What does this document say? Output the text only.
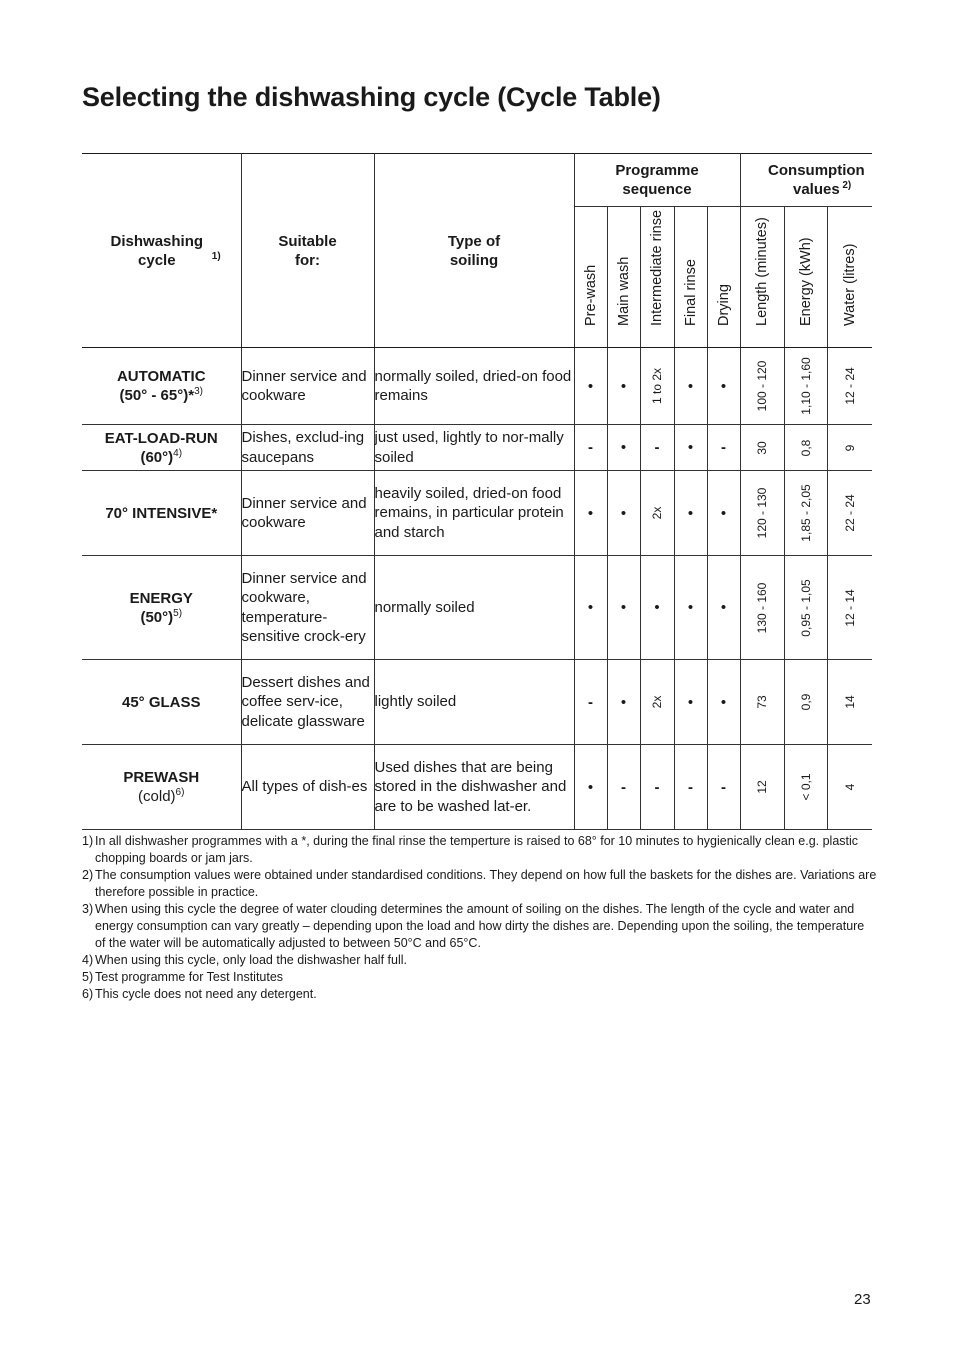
Selecting the dishwashing cycle (Cycle Table)
Dishwashing cycle $^{1)}$	Suitable for:	Type of soiling	Programme sequence					Consumption values $^{2)}$

			Pre-wash	Main wash	Intermediate rinse	Final rinse	Drying	Length (minutes)	Energy (kWh)	Water (litres)

AUTOMATIC
(50° - 65°)*$^{3)}$	Dinner service and cookware	normally soiled, dried-on food remains	•	•	1 to 2x	•	•	100 - 120	1,10 - 1,60	12 - 24

EAT-LOAD-RUN
$(60^\circ)^{4)}$	Dishes, exclud-ing saucepans	just used, lightly to nor-mally soiled	-	•	-	•	-	30	0,8	9

70° INTENSIVE*	Dinner service and cookware	heavily soiled, dried-on food remains, in particular protein and starch	•	•	2x	•	•	120 - 130	1,85 - 2,05	22 - 24

ENERGY
$(50^\circ)^{5)}$	Dinner service and cookware, temperature-sensitive crock-ery	normally soiled	•	•	•	•	•	130 - 160	0,95 - 1,05	12 - 14

45° GLASS	Dessert dishes and coffee serv-ice, delicate glassware	lightly soiled	-	•	2x	•	•	73	0,9	14

PREWASH
(cold)$^{6)}$	All types of dish-es	Used dishes that are being stored in the dishwasher and are to be washed lat-er.	•	-	-	-	-	12	< 0,1	4
1) In all dishwasher programmes with a *, during the final rinse the temperture is raised to 68° for 10 minutes to hygienically clean e.g. plastic chopping boards or jam jars.
2) The consumption values were obtained under standardised conditions. They depend on how full the baskets for the dishes are. Variations are therefore possible in practice.
3) When using this cycle the degree of water clouding determines the amount of soiling on the dishes. The length of the cycle and water and energy consumption can vary greatly – depending upon the load and how dirty the dishes are. Depending upon the soiling, the temperature of the water will be automatically adjusted to between 50°C and 65°C.
4) When using this cycle, only load the dishwasher half full.
5) Test programme for Test Institutes
6) This cycle does not need any detergent.
23
